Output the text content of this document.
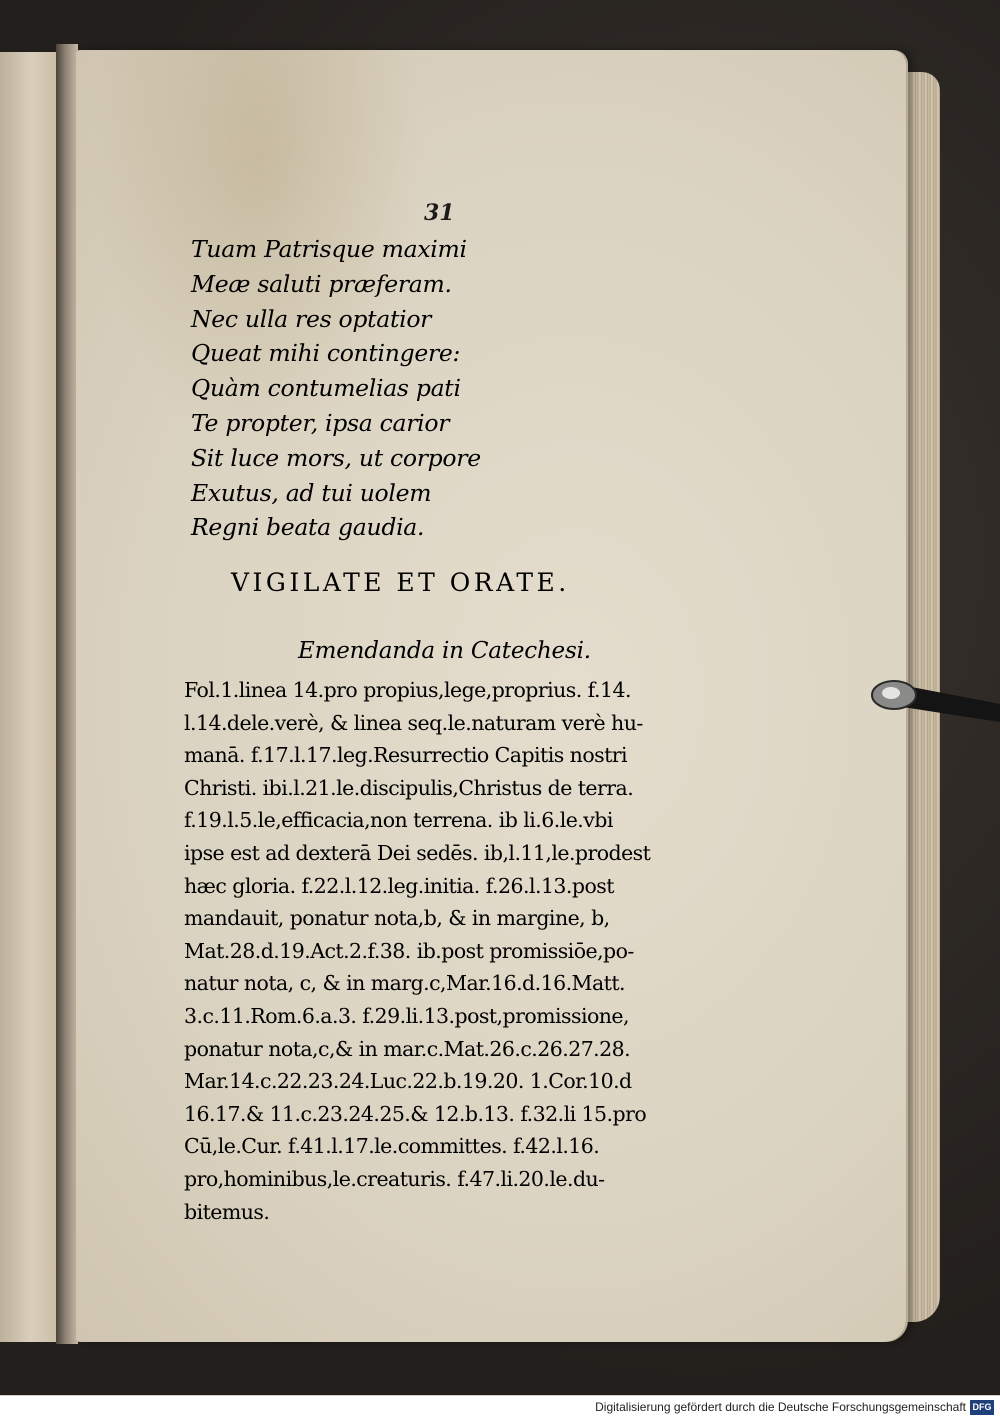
31
Tuam Patrisque maximi
Meæ saluti præferam.
Nec ulla res optatior
Queat mihi contingere:
Quàm contumelias pati
Te propter, ipsa carior
Sit luce mors, ut corpore
Exutus, ad tui uolem
Regni beata gaudia.
VIGILATE ET ORATE.
Emendanda in Catechesi.
Fol.1.linea 14.pro propius,lege,proprius. f.14.
l.14.dele.verè, & linea seq.le.naturam verè hu-
manā. f.17.l.17.leg.Resurrectio Capitis nostri
Christi. ibi.l.21.le.discipulis,Christus de terra.
f.19.l.5.le,efficacia,non terrena. ib li.6.le.vbi
ipse est ad dexterā Dei sedēs. ib,l.11,le.prodest
hæc gloria. f.22.l.12.leg.initia. f.26.l.13.post
mandauit, ponatur nota,b, & in margine, b,
Mat.28.d.19.Act.2.f.38. ib.post promissiōe,po-
natur nota, c, & in marg.c,Mar.16.d.16.Matt.
3.c.11.Rom.6.a.3. f.29.li.13.post,promissione,
ponatur nota,c,& in mar.c.Mat.26.c.26.27.28.
Mar.14.c.22.23.24.Luc.22.b.19.20. 1.Cor.10.d
16.17.& 11.c.23.24.25.& 12.b.13. f.32.li 15.pro
Cū,le.Cur. f.41.l.17.le.committes. f.42.l.16.
pro,hominibus,le.creaturis. f.47.li.20.le.du-
bitemus.
Digitalisierung gefördert durch die Deutsche Forschungsgemeinschaft DFG
